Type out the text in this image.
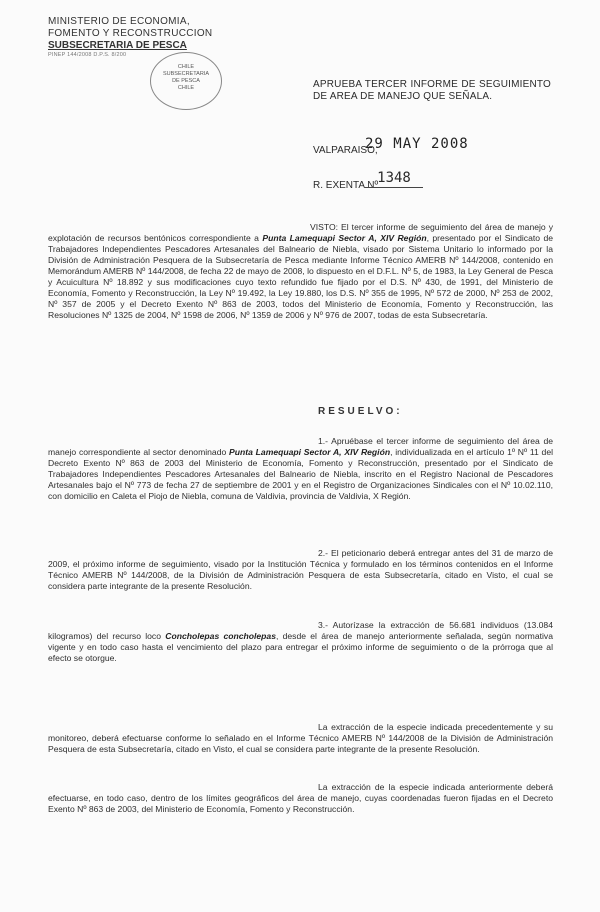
MINISTERIO DE ECONOMIA,
FOMENTO Y RECONSTRUCCION
SUBSECRETARIA DE PESCA
PINEP 144/2008 D.P.S. 8/200
CHILE
SUBSECRETARIA
DE PESCA
CHILE	APRUEBA TERCER INFORME DE SEGUIMIENTO DE AREA DE MANEJO QUE SEÑALA.
VALPARAISO,
29 MAY 2008
R. EXENTA Nº
1348
VISTO: El tercer informe de seguimiento del área de manejo y explotación de recursos bentónicos correspondiente a Punta Lamequapi Sector A, XIV Región, presentado por el Sindicato de Trabajadores Independientes Pescadores Artesanales del Balneario de Niebla, visado por Sistema Unitario lo informado por la División de Administración Pesquera de la Subsecretaría de Pesca mediante Informe Técnico AMERB Nº 144/2008, contenido en Memorándum AMERB Nº 144/2008, de fecha 22 de mayo de 2008, lo dispuesto en el D.F.L. Nº 5, de 1983, la Ley General de Pesca y Acuicultura Nº 18.892 y sus modificaciones cuyo texto refundido fue fijado por el D.S. Nº 430, de 1991, del Ministerio de Economía, Fomento y Reconstrucción, la Ley Nº 19.492, la Ley 19.880, los D.S. Nº 355 de 1995, Nº 572 de 2000, Nº 253 de 2002, Nº 357 de 2005 y el Decreto Exento Nº 863 de 2003, todos del Ministerio de Economía, Fomento y Reconstrucción, las Resoluciones Nº 1325 de 2004, Nº 1598 de 2006, Nº 1359 de 2006 y Nº 976 de 2007, todas de esta Subsecretaría.
RESUELVO:
1.- Apruébase el tercer informe de seguimiento del área de manejo correspondiente al sector denominado Punta Lamequapi Sector A, XIV Región, individualizada en el artículo 1º Nº 11 del Decreto Exento Nº 863 de 2003 del Ministerio de Economía, Fomento y Reconstrucción, presentado por el Sindicato de Trabajadores Independientes Pescadores Artesanales del Balneario de Niebla, inscrito en el Registro Nacional de Pescadores Artesanales bajo el Nº 773 de fecha 27 de septiembre de 2001 y en el Registro de Organizaciones Sindicales con el Nº 10.02.110, con domicilio en Caleta el Piojo de Niebla, comuna de Valdivia, provincia de Valdivia, X Región.
2.- El peticionario deberá entregar antes del 31 de marzo de 2009, el próximo informe de seguimiento, visado por la Institución Técnica y formulado en los términos contenidos en el Informe Técnico AMERB Nº 144/2008, de la División de Administración Pesquera de esta Subsecretaría, citado en Visto, el cual se considera parte integrante de la presente Resolución.
3.- Autorízase la extracción de 56.681 individuos (13.084 kilogramos) del recurso loco Concholepas concholepas, desde el área de manejo anteriormente señalada, según normativa vigente y en todo caso hasta el vencimiento del plazo para entregar el próximo informe de seguimiento o de la prórroga que al efecto se otorgue.
La extracción de la especie indicada precedentemente y su monitoreo, deberá efectuarse conforme lo señalado en el Informe Técnico AMERB Nº 144/2008 de la División de Administración Pesquera de esta Subsecretaría, citado en Visto, el cual se considera parte integrante de la presente Resolución.
La extracción de la especie indicada anteriormente deberá efectuarse, en todo caso, dentro de los límites geográficos del área de manejo, cuyas coordenadas fueron fijadas en el Decreto Exento Nº 863 de 2003, del Ministerio de Economía, Fomento y Reconstrucción.
